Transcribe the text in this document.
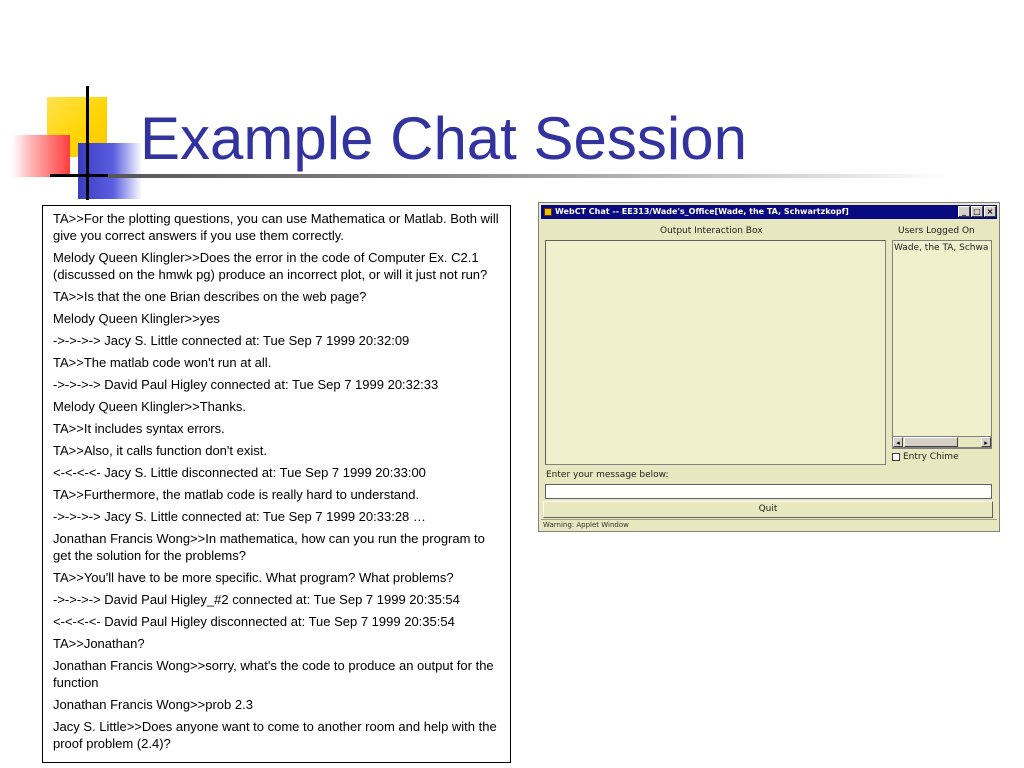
Example Chat Session
TA>>For the plotting questions, you can use Mathematica or Matlab. Both will give you correct answers if you use them correctly.
Melody Queen Klingler>>Does the error in the code of Computer Ex. C2.1 (discussed on the hmwk pg) produce an incorrect plot, or will it just not run?
TA>>Is that the one Brian describes on the web page?
Melody Queen Klingler>>yes
->->->-> Jacy S. Little connected at: Tue Sep 7 1999 20:32:09
TA>>The matlab code won't run at all.
->->->-> David Paul Higley connected at: Tue Sep 7 1999 20:32:33
Melody Queen Klingler>>Thanks.
TA>>It includes syntax errors.
TA>>Also, it calls function don't exist.
<-<-<-<- Jacy S. Little disconnected at: Tue Sep 7 1999 20:33:00
TA>>Furthermore, the matlab code is really hard to understand.
->->->-> Jacy S. Little connected at: Tue Sep 7 1999 20:33:28 …
Jonathan Francis Wong>>In mathematica, how can you run the program to get the solution for the problems?
TA>>You'll have to be more specific. What program? What problems?
->->->-> David Paul Higley_#2 connected at: Tue Sep 7 1999 20:35:54
<-<-<-<- David Paul Higley disconnected at: Tue Sep 7 1999 20:35:54
TA>>Jonathan?
Jonathan Francis Wong>>sorry, what's the code to produce an output for the function
Jonathan Francis Wong>>prob 2.3
Jacy S. Little>>Does anyone want to come to another room and help with the proof problem (2.4)?
WebCT Chat -- EE313/Wade's_Office[Wade, the TA, Schwartzkopf]	_ □ ×
Output Interaction Box	Users Logged On
Wade, the TA, Schwa
◂	▸
Entry Chime
Enter your message below:
Quit
Warning: Applet Window
